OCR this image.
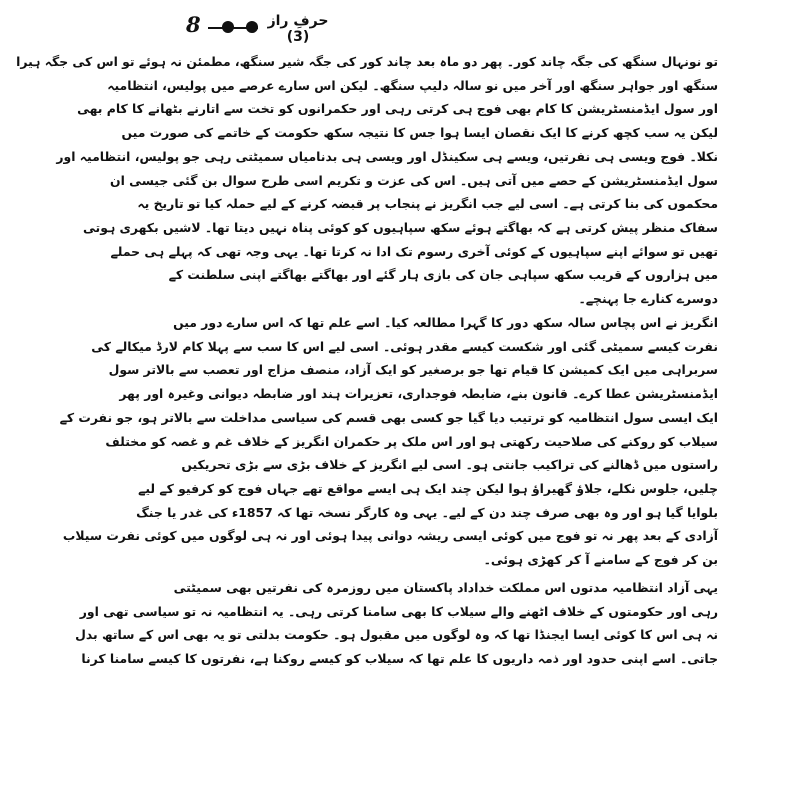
8	حرفِ راز (3)
تو نونہال سنگھ کی جگہ چاند کور۔ پھر دو ماہ بعد چاند کور کی جگہ شیر سنگھ، مطمئن نہ ہوئے تو اس کی جگہ ہیرا
سنگھ اور جواہر سنگھ اور آخر میں نو سالہ دلیپ سنگھ۔ لیکن اس سارے عرصے میں پولیس، انتظامیہ
اور سول ایڈمنسٹریشن کا کام بھی فوج ہی کرتی رہی اور حکمرانوں کو تخت سے اتارنے بٹھانے کا کام بھی
لیکن یہ سب کچھ کرنے کا ایک نقصان ایسا ہوا جس کا نتیجہ سکھ حکومت کے خاتمے کی صورت میں
نکلا۔ فوج ویسی ہی نفرتیں، ویسے ہی سکینڈل اور ویسی ہی بدنامیاں سمیٹتی رہی جو پولیس، انتظامیہ اور
سول ایڈمنسٹریشن کے حصے میں آتی ہیں۔ اس کی عزت و تکریم اسی طرح سوال بن گئی جیسی ان
محکموں کی بنا کرتی ہے۔ اسی لیے جب انگریز نے پنجاب پر قبضہ کرنے کے لیے حملہ کیا تو تاریخ یہ
سفاک منظر پیش کرتی ہے کہ بھاگتے ہوئے سکھ سپاہیوں کو کوئی پناہ نہیں دیتا تھا۔ لاشیں بکھری ہوتی
تھیں تو سوائے اپنے سپاہیوں کے کوئی آخری رسوم تک ادا نہ کرتا تھا۔ یہی وجہ تھی کہ پہلے ہی حملے
میں ہزاروں کے قریب سکھ سپاہی جان کی بازی ہار گئے اور بھاگتے بھاگتے اپنی سلطنت کے
دوسرے کنارے جا پہنچے۔
انگریز نے اس پچاس سالہ سکھ دور کا گہرا مطالعہ کیا۔ اسے علم تھا کہ اس سارے دور میں
نفرت کیسے سمیٹی گئی اور شکست کیسے مقدر ہوئی۔ اسی لیے اس کا سب سے پہلا کام لارڈ میکالے کی
سربراہی میں ایک کمیشن کا قیام تھا جو برصغیر کو ایک آزاد، منصف مزاج اور تعصب سے بالاتر سول
ایڈمنسٹریشن عطا کرے۔ قانون بنے، ضابطہ فوجداری، تعزیرات ہند اور ضابطہ دیوانی وغیرہ اور پھر
ایک ایسی سول انتظامیہ کو ترتیب دیا گیا جو کسی بھی قسم کی سیاسی مداخلت سے بالاتر ہو، جو نفرت کے
سیلاب کو روکنے کی صلاحیت رکھتی ہو اور اس ملک پر حکمران انگریز کے خلاف غم و غصہ کو مختلف
راستوں میں ڈھالنے کی تراکیب جانتی ہو۔ اسی لیے انگریز کے خلاف بڑی سے بڑی تحریکیں
چلیں، جلوس نکلے، جلاؤ گھیراؤ ہوا لیکن چند ایک ہی ایسے مواقع تھے جہاں فوج کو کرفیو کے لیے
بلوایا گیا ہو اور وہ بھی صرف چند دن کے لیے۔ یہی وہ کارگر نسخہ تھا کہ 1857ء کی غدر یا جنگ
آزادی کے بعد پھر نہ تو فوج میں کوئی ایسی ریشہ دوانی پیدا ہوئی اور نہ ہی لوگوں میں کوئی نفرت سیلاب
بن کر فوج کے سامنے آ کر کھڑی ہوئی۔
یہی آزاد انتظامیہ مدتوں اس مملکت خداداد پاکستان میں روزمرہ کی نفرتیں بھی سمیٹتی
رہی اور حکومتوں کے خلاف اٹھنے والے سیلاب کا بھی سامنا کرتی رہی۔ یہ انتظامیہ نہ تو سیاسی تھی اور
نہ ہی اس کا کوئی ایسا ایجنڈا تھا کہ وہ لوگوں میں مقبول ہو۔ حکومت بدلتی تو یہ بھی اس کے ساتھ بدل
جاتی۔ اسے اپنی حدود اور ذمہ داریوں کا علم تھا کہ سیلاب کو کیسے روکنا ہے، نفرتوں کا کیسے سامنا کرنا
